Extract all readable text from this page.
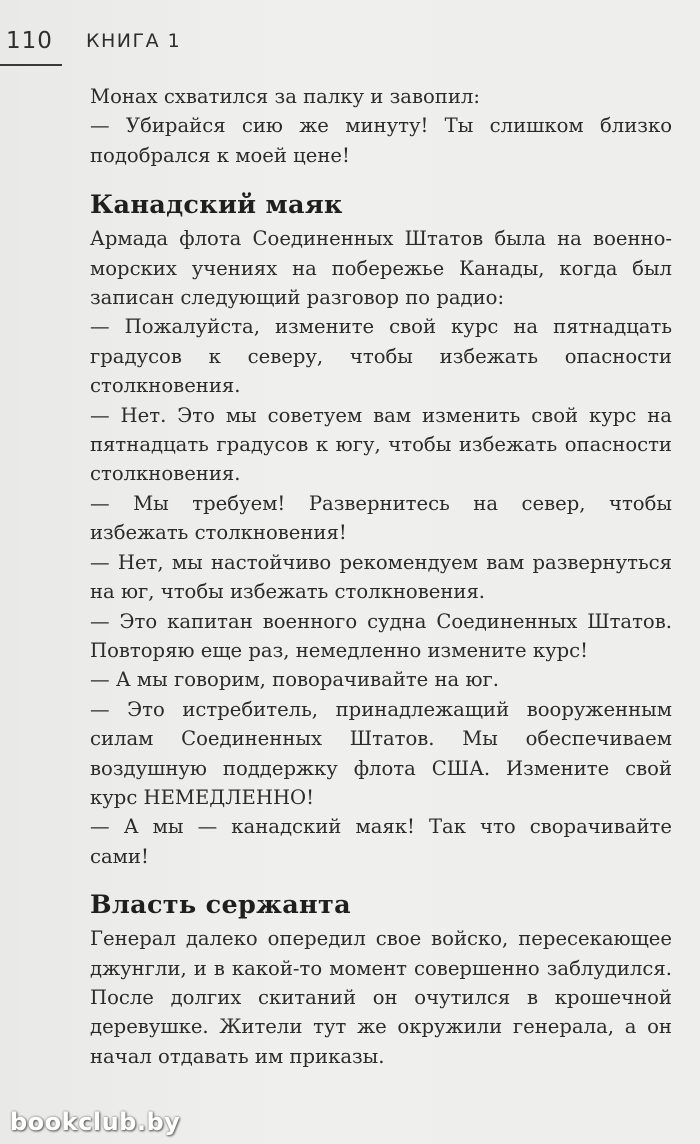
110 КНИГА 1

Монах схватился за палку и завопил:

— Убирайся сию же минуту! Ты слишком близко подобрался к моей цене!

Канадский маяк

Армада флота Соединенных Штатов была на военно-морских учениях на побережье Канады, когда был записан следующий разговор по радио:

— Пожалуйста, измените свой курс на пятнадцать градусов к северу, чтобы избежать опасности столкновения.

— Нет. Это мы советуем вам изменить свой курс на пятнадцать градусов к югу, чтобы избежать опасности столкновения.

— Мы требуем! Развернитесь на север, чтобы избежать столкновения!

— Нет, мы настойчиво рекомендуем вам развернуться на юг, чтобы избежать столкновения.

— Это капитан военного судна Соединенных Штатов. Повторяю еще раз, немедленно измените курс!

— А мы говорим, поворачивайте на юг.

— Это истребитель, принадлежащий вооруженным силам Соединенных Штатов. Мы обеспечиваем воздушную поддержку флота США. Измените свой курс НЕМЕДЛЕННО!

— А мы — канадский маяк! Так что сворачивайте сами!

Власть сержанта

Генерал далеко опередил свое войско, пересекающее джунгли, и в какой-то момент совершенно заблудился. После долгих скитаний он очутился в крошечной деревушке. Жители тут же окружили генерала, а он начал отдавать им приказы.

bookclub.by
